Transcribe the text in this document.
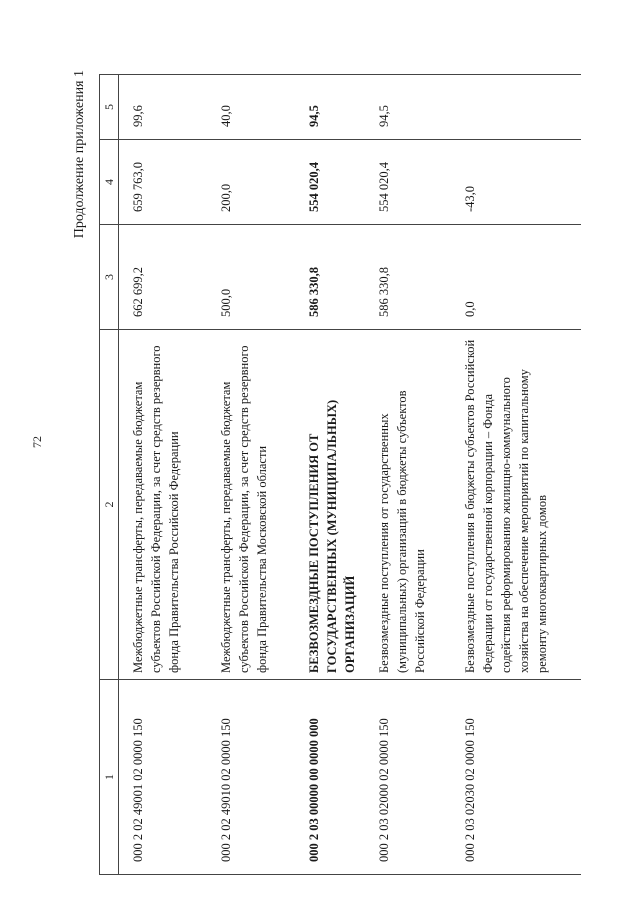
72
Продолжение приложения 1
1	2	3	4	5
000 2 02 49001 02 0000 150	Межбюджетные трансферты, передаваемые бюджетам субъектов Российской Федерации, за счет средств резервного фонда Правительства Российской Федерации	662 699,2	659 763,0	99,6
000 2 02 49010 02 0000 150	Межбюджетные трансферты, передаваемые бюджетам субъектов Российской Федерации, за счет средств резервного фонда Правительства Московской области	500,0	200,0	40,0
000 2 03 00000 00 0000 000	БЕЗВОЗМЕЗДНЫЕ ПОСТУПЛЕНИЯ ОТ ГОСУДАРСТВЕННЫХ (МУНИЦИПАЛЬНЫХ) ОРГАНИЗАЦИЙ	586 330,8	554 020,4	94,5
000 2 03 02000 02 0000 150	Безвозмездные поступления от государственных (муниципальных) организаций в бюджеты субъектов Российской Федерации	586 330,8	554 020,4	94,5
000 2 03 02030 02 0000 150	Безвозмездные поступления в бюджеты субъектов Российской Федерации от государственной корпорации – Фонда содействия реформированию жилищно-коммунального хозяйства на обеспечение мероприятий по капитальному ремонту многоквартирных домов	0,0	-43,0	
